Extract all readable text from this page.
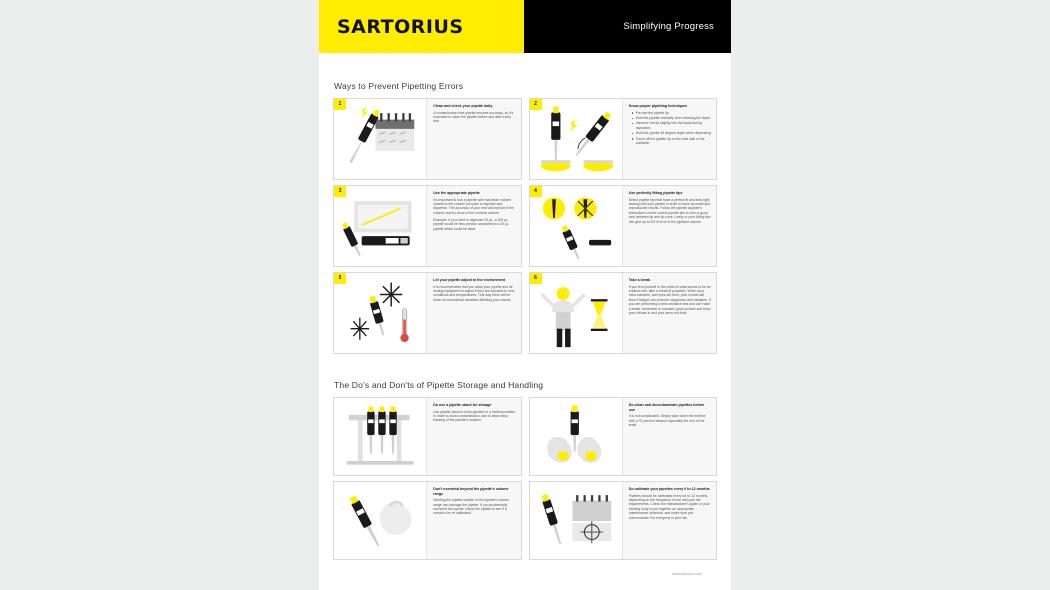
SARTORIUS	Simplifying Progress
Ways to Prevent Pipetting Errors
1	Clean and check your pipette daily

A contamination-free pipette ensures accuracy, so it's important to clean the pipette before and after every use.

2	Know proper pipetting techniques
Pre-wet the pipette tip
Hold the pipette vertically when drawing the liquid
Immerse the tip slightly into the liquid during aspiration
Hold the pipette 45 degree angle while dispensing
Touch off the pipette tip on the side wall of the container
3	Use the appropriate pipette

It's important to use a pipette with maximum volume closest to the volume you plan to aspirate and dispense. The accuracy of your test will improve if the volume used is close to the nominal volume.

Example: If you need to dispense 20 µL, a 200 µL pipette would be less precise compared to a 20 µL pipette which could be ideal.

4	Use perfectly fitting pipette tips

Select pipette tips that have a perfect fit and leak-tight sealing with your pipette in order to have accurate and reproducible results. Follow the pipette supplier's instructions on the correct pipette tips to form a good seal between tip and tip cone. Leaky or poor fitting tips can give up to 50 % error in the pipetted volume.

5	Let your pipette adjust to the environment

It is recommended that you allow your pipette and all testing equipment to adjust if they are exposed to new conditions and temperatures. This way there will be fewer environmental variables affecting your results.

6	Take a break

If you find yourself in the midst of what seems to be an endless test, take a break (if possible). When your mind wanders, and eyes are tired, your results will slow it fatigue can promote sloppiness and mistakes. If you are performing a time-sensitive test and can't take a break, remember to maintain good posture and keep your elbows in and your arms not front.

The Do's and Don'ts of Pipette Storage and Handling
Do use a pipette stand for storage

Use pipette stand to keep pipettes in a vertical position in order to avoid contamination, and to allow easy tracking of the pipette's location.

Do clean and decontaminate pipettes before use

It is not complicated. Simply wipe down the exterior with a 70-percent ethanol especially the end of the shaft.

Don't overwind beyond the pipette's volume range

Winding the pipette outside of the pipette's volume range can damage the pipette. If you accidentally overwind the pipette, check the pipette to see if it needs to be re-calibrated.

Do calibrate your pipettes every 6 to 12 months

Pipettes should be calibrated every six to 12 months, depending on the frequency of use and your lab requirements. Check the manufacturer's guide or your existing body to put together an appropriate maintenance schedule, and make sure you communicate it to everyone in your lab.

www.sartorius.com
